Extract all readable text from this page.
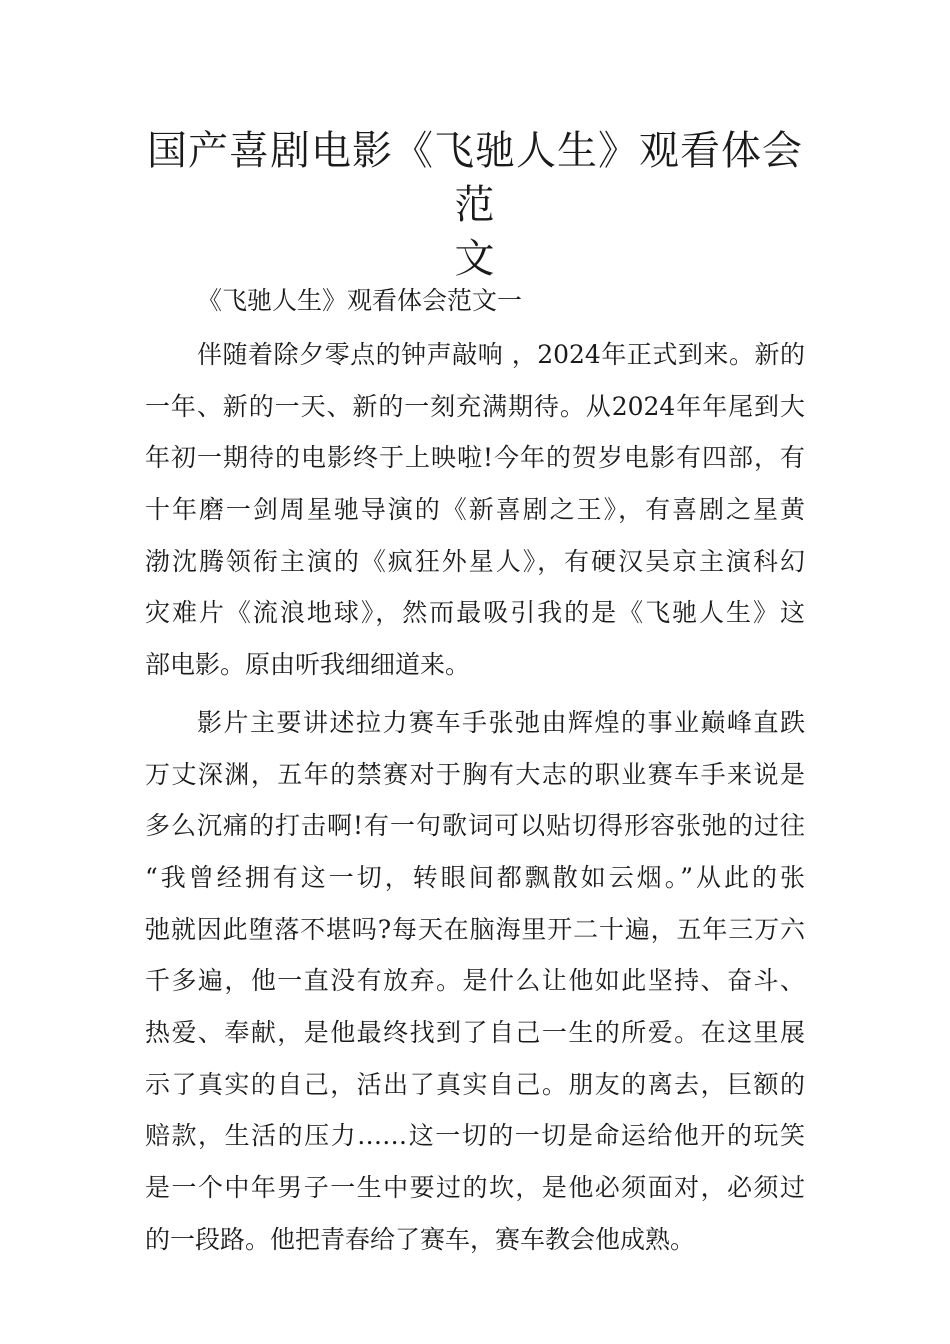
国产喜剧电影《飞驰人生》观看体会范
文

《飞驰人生》观看体会范文一

伴随着除夕零点的钟声敲响 ，2024年正式到来。新的
一年、新的一天、新的一刻充满期待。从2024年年尾到大
年初一期待的电影终于上映啦!今年的贺岁电影有四部，有
十年磨一剑周星驰导演的《新喜剧之王》，有喜剧之星黄
渤沈腾领衔主演的《疯狂外星人》，有硬汉吴京主演科幻
灾难片《流浪地球》，然而最吸引我的是《飞驰人生》这
部电影。原由听我细细道来。

影片主要讲述拉力赛车手张弛由辉煌的事业巅峰直跌
万丈深渊，五年的禁赛对于胸有大志的职业赛车手来说是
多么沉痛的打击啊!有一句歌词可以贴切得形容张弛的过往
“我曾经拥有这一切，转眼间都飘散如云烟。”从此的张
弛就因此堕落不堪吗?每天在脑海里开二十遍，五年三万六
千多遍，他一直没有放弃。是什么让他如此坚持、奋斗、
热爱、奉献，是他最终找到了自己一生的所爱。在这里展
示了真实的自己，活出了真实自己。朋友的离去，巨额的
赔款，生活的压力……这一切的一切是命运给他开的玩笑
是一个中年男子一生中要过的坎，是他必须面对，必须过
的一段路。他把青春给了赛车，赛车教会他成熟。
